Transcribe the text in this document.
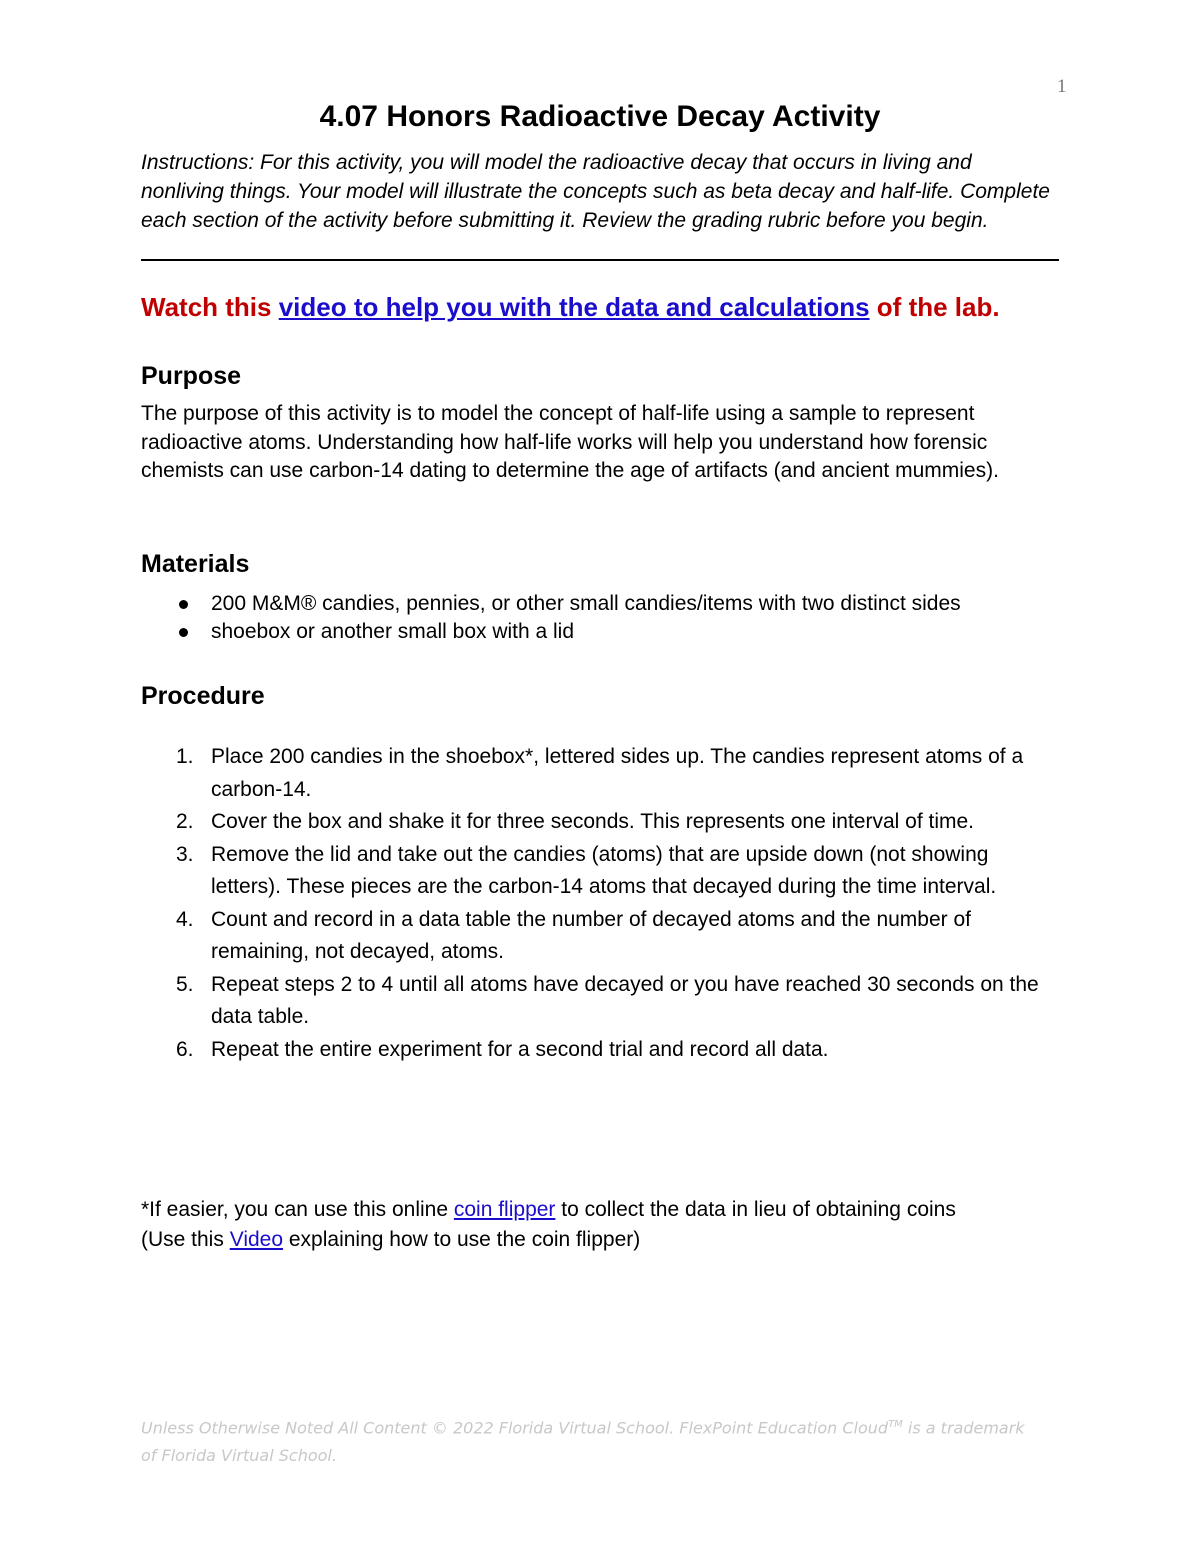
1
4.07 Honors Radioactive Decay Activity

Instructions: For this activity, you will model the radioactive decay that occurs in living and nonliving things. Your model will illustrate the concepts such as beta decay and half-life. Complete each section of the activity before submitting it. Review the grading rubric before you begin.

Watch this video to help you with the data and calculations of the lab.

Purpose

The purpose of this activity is to model the concept of half-life using a sample to represent radioactive atoms. Understanding how half-life works will help you understand how forensic chemists can use carbon-14 dating to determine the age of artifacts (and ancient mummies).

Materials
200 M&M® candies, pennies, or other small candies/items with two distinct sides
shoebox or another small box with a lid
Procedure
1. Place 200 candies in the shoebox*, lettered sides up. The candies represent atoms of a carbon-14.
2. Cover the box and shake it for three seconds. This represents one interval of time.
3. Remove the lid and take out the candies (atoms) that are upside down (not showing letters). These pieces are the carbon-14 atoms that decayed during the time interval.
4. Count and record in a data table the number of decayed atoms and the number of remaining, not decayed, atoms.
5. Repeat steps 2 to 4 until all atoms have decayed or you have reached 30 seconds on the data table.
6. Repeat the entire experiment for a second trial and record all data.

*If easier, you can use this online coin flipper to collect the data in lieu of obtaining coins
(Use this Video explaining how to use the coin flipper)

Unless Otherwise Noted All Content © 2022 Florida Virtual School. FlexPoint Education Cloud™ is a trademark of Florida Virtual School.
